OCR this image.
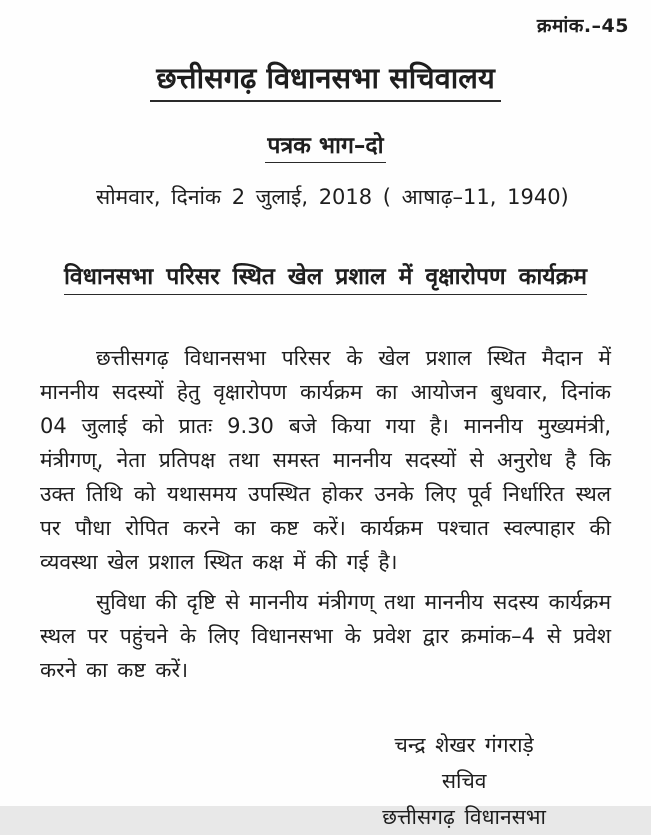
क्रमांक.–45
छत्तीसगढ़ विधानसभा सचिवालय
पत्रक भाग–दो
सोमवार, दिनांक 2 जुलाई, 2018 ( आषाढ़–11, 1940)
विधानसभा परिसर स्थित खेल प्रशाल में वृक्षारोपण कार्यक्रम

छत्तीसगढ़ विधानसभा परिसर के खेल प्रशाल स्थित मैदान में माननीय सदस्यों हेतु वृक्षारोपण कार्यक्रम का आयोजन बुधवार, दिनांक 04 जुलाई को प्रातः 9.30 बजे किया गया है। माननीय मुख्यमंत्री, मंत्रीगण्, नेता प्रतिपक्ष तथा समस्त माननीय सदस्यों से अनुरोध है कि उक्त तिथि को यथासमय उपस्थित होकर उनके लिए पूर्व निर्धारित स्थल पर पौधा रोपित करने का कष्ट करें। कार्यक्रम पश्चात स्वल्पाहार की व्यवस्था खेल प्रशाल स्थित कक्ष में की गई है।

सुविधा की दृष्टि से माननीय मंत्रीगण् तथा माननीय सदस्य कार्यक्रम स्थल पर पहुंचने के लिए विधानसभा के प्रवेश द्वार क्रमांक–4 से प्रवेश करने का कष्ट करें।

चन्द्र शेखर गंगराड़े
सचिव
छत्तीसगढ़ विधानसभा
